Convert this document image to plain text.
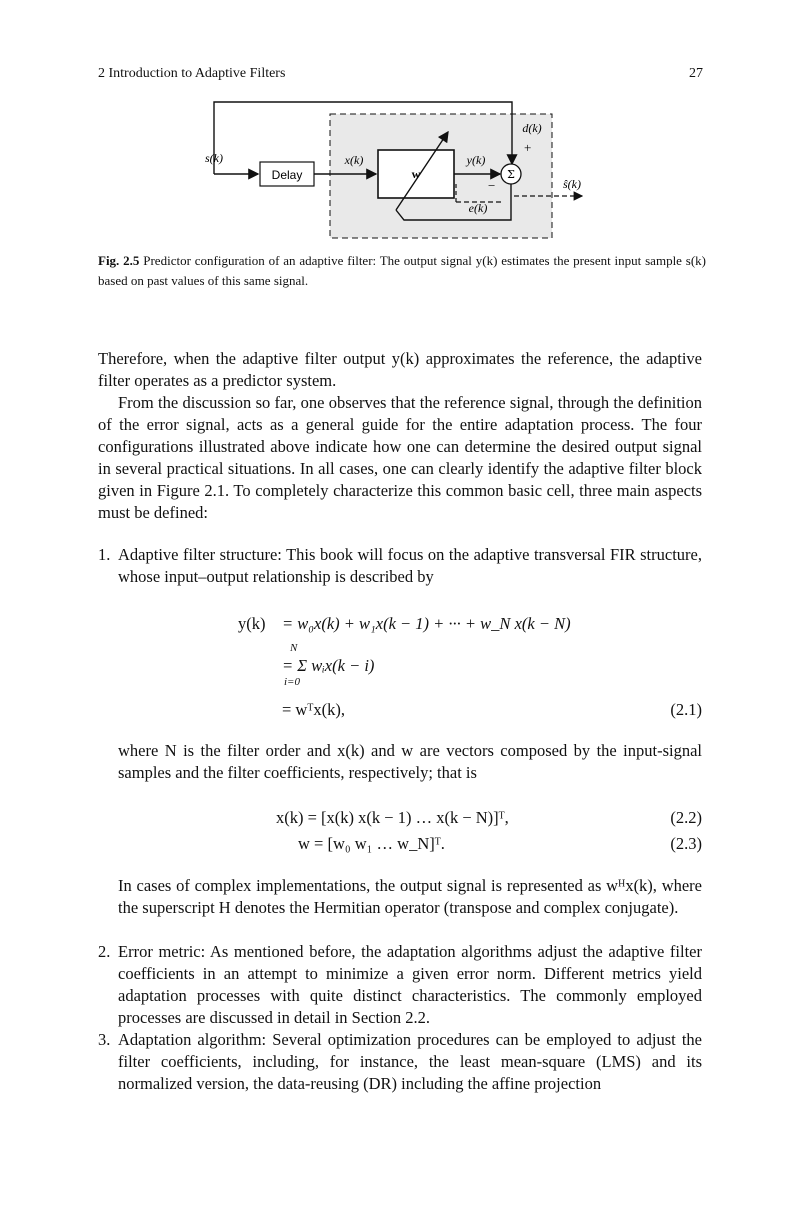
2 Introduction to Adaptive Filters	27
s(k)
Delay
x(k)
w
y(k)
d(k)
+
−
Σ
ŝ(k)
e(k)
Fig. 2.5 Predictor configuration of an adaptive filter: The output signal y(k) estimates the present input sample s(k) based on past values of this same signal.
Therefore, when the adaptive filter output y(k) approximates the reference, the adaptive filter operates as a predictor system.
From the discussion so far, one observes that the reference signal, through the definition of the error signal, acts as a general guide for the entire adaptation process. The four configurations illustrated above indicate how one can determine the desired output signal in several practical situations. In all cases, one can clearly identify the adaptive filter block given in Figure 2.1. To completely characterize this common basic cell, three main aspects must be defined:
1. Adaptive filter structure: This book will focus on the adaptive transversal FIR structure, whose input–output relationship is described by
y(k) = w₀x(k) + w₁x(k − 1) + ··· + w_N x(k − N)
N
= Σ wᵢx(k − i)
i=0
= wᵀx(k),	(2.1)
where N is the filter order and x(k) and w are vectors composed by the input-signal samples and the filter coefficients, respectively; that is
x(k) = [x(k) x(k − 1) … x(k − N)]ᵀ,	(2.2)
w = [w₀ w₁ … w_N]ᵀ.	(2.3)
In cases of complex implementations, the output signal is represented as wᴴx(k), where the superscript H denotes the Hermitian operator (transpose and complex conjugate).
2. Error metric: As mentioned before, the adaptation algorithms adjust the adaptive filter coefficients in an attempt to minimize a given error norm. Different metrics yield adaptation processes with quite distinct characteristics. The commonly employed processes are discussed in detail in Section 2.2.
3. Adaptation algorithm: Several optimization procedures can be employed to adjust the filter coefficients, including, for instance, the least mean-square (LMS) and its normalized version, the data-reusing (DR) including the affine projection
